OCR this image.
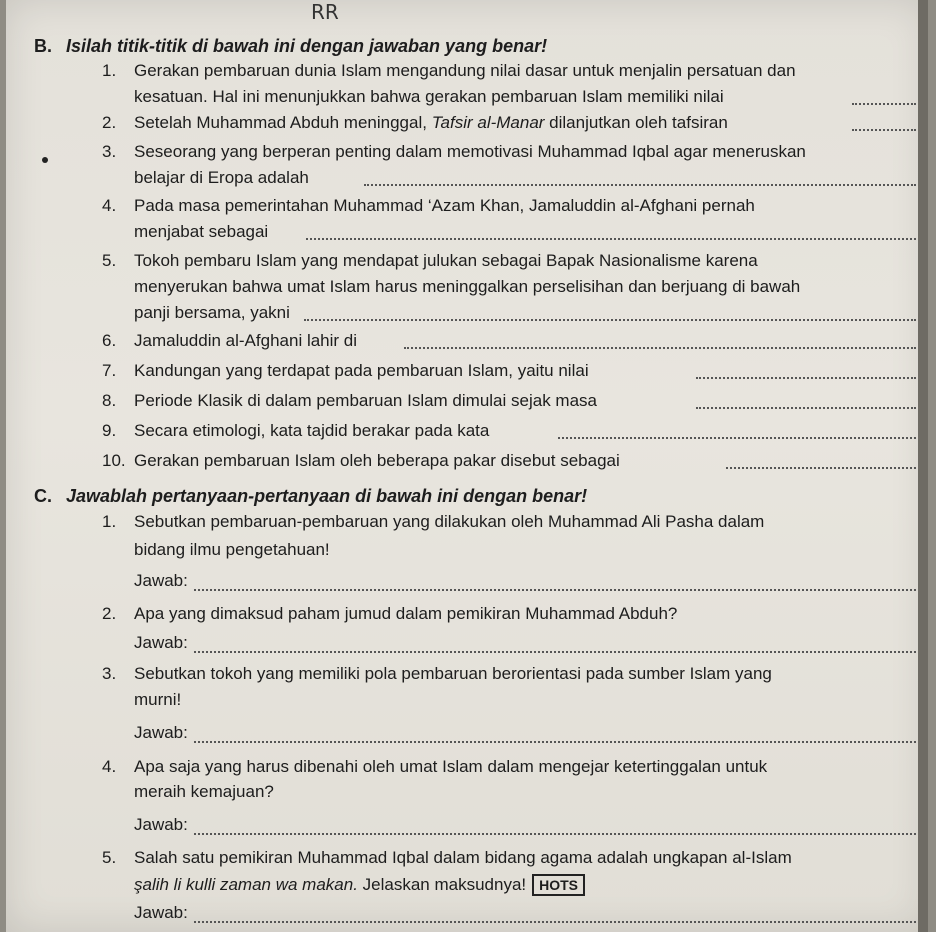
RR
B. Isilah titik-titik di bawah ini dengan jawaban yang benar!
1. Gerakan pembaruan dunia Islam mengandung nilai dasar untuk menjalin persatuan dan
kesatuan. Hal ini menunjukkan bahwa gerakan pembaruan Islam memiliki nilai
2. Setelah Muhammad Abduh meninggal, Tafsir al-Manar dilanjutkan oleh tafsiran
3. Seseorang yang berperan penting dalam memotivasi Muhammad Iqbal agar meneruskan
belajar di Eropa adalah
4. Pada masa pemerintahan Muhammad ‘Azam Khan, Jamaluddin al-Afghani pernah
menjabat sebagai
5. Tokoh pembaru Islam yang mendapat julukan sebagai Bapak Nasionalisme karena
menyerukan bahwa umat Islam harus meninggalkan perselisihan dan berjuang di bawah
panji bersama, yakni
6. Jamaluddin al-Afghani lahir di
7. Kandungan yang terdapat pada pembaruan Islam, yaitu nilai
8. Periode Klasik di dalam pembaruan Islam dimulai sejak masa
9. Secara etimologi, kata tajdid berakar pada kata
10. Gerakan pembaruan Islam oleh beberapa pakar disebut sebagai
C. Jawablah pertanyaan-pertanyaan di bawah ini dengan benar!
1. Sebutkan pembaruan-pembaruan yang dilakukan oleh Muhammad Ali Pasha dalam
bidang ilmu pengetahuan!
Jawab:
2. Apa yang dimaksud paham jumud dalam pemikiran Muhammad Abduh?
Jawab:
3. Sebutkan tokoh yang memiliki pola pembaruan berorientasi pada sumber Islam yang
murni!
Jawab:
4. Apa saja yang harus dibenahi oleh umat Islam dalam mengejar ketertinggalan untuk
meraih kemajuan?
Jawab:
5. Salah satu pemikiran Muhammad Iqbal dalam bidang agama adalah ungkapan al-Islam
şalih li kulli zaman wa makan. Jelaskan maksudnya! HOTS
Jawab:
